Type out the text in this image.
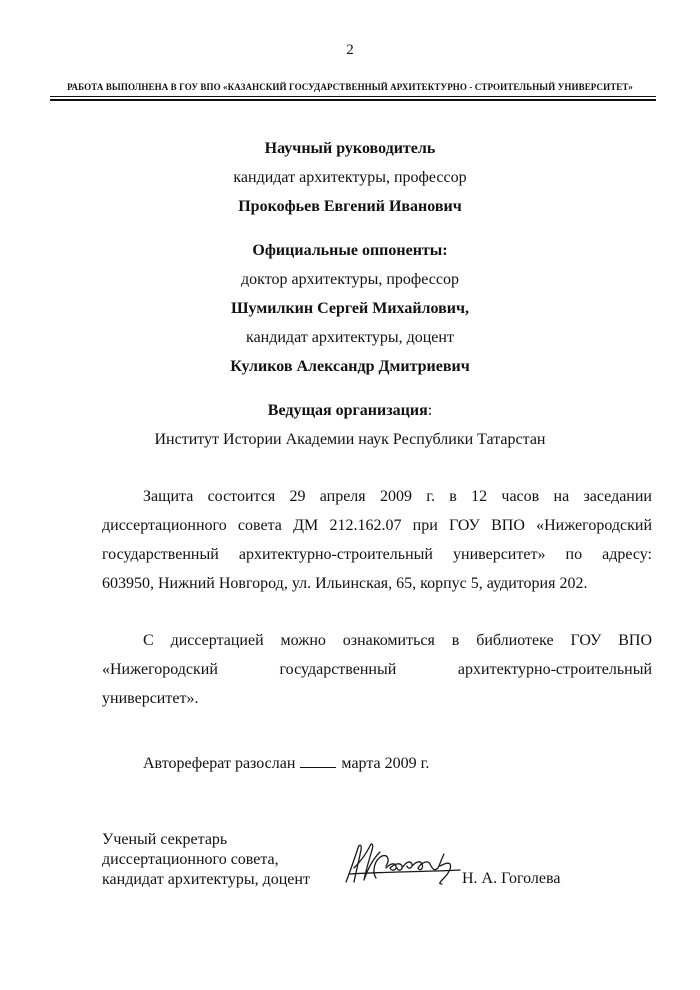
2
РАБОТА ВЫПОЛНЕНА В ГОУ ВПО «КАЗАНСКИЙ ГОСУДАРСТВЕННЫЙ АРХИТЕКТУРНО - СТРОИТЕЛЬНЫЙ УНИВЕРСИТЕТ»
Научный руководитель
кандидат архитектуры, профессор
Прокофьев Евгений Иванович
Официальные оппоненты:
доктор архитектуры, профессор
Шумилкин Сергей Михайлович,
кандидат архитектуры, доцент
Куликов Александр Дмитриевич
Ведущая организация:
Институт Истории Академии наук Республики Татарстан
Защита состоится 29 апреля 2009 г. в 12 часов на заседании
диссертационного совета ДМ 212.162.07 при ГОУ ВПО «Нижегородский
государственный архитектурно-строительный университет» по адресу:
603950, Нижний Новгород, ул. Ильинская, 65, корпус 5, аудитория 202.
С диссертацией можно ознакомиться в библиотеке ГОУ ВПО
«Нижегородский государственный архитектурно-строительный
университет».
Автореферат разослан	марта 2009 г.
Ученый секретарь
диссертационного совета,
кандидат архитектуры, доцент	Н. А. Гоголева
